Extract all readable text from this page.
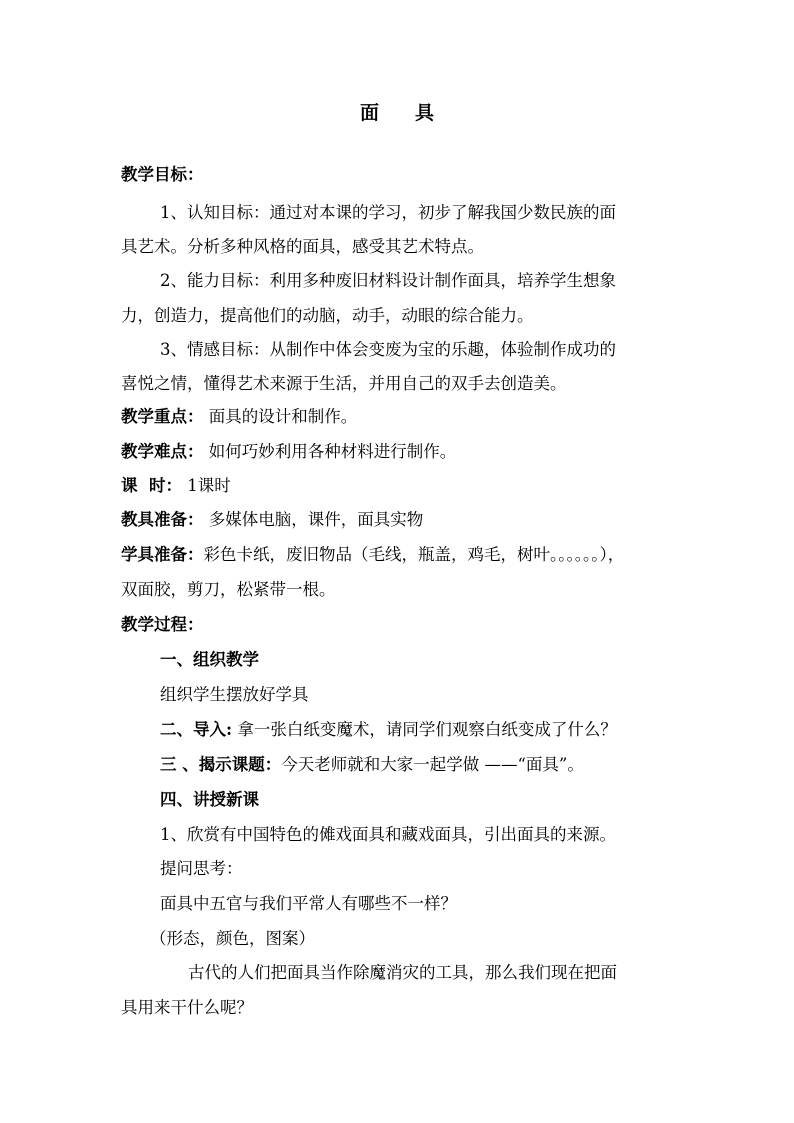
面 具
教学目标：
1、认知目标：通过对本课的学习，初步了解我国少数民族的面
具艺术。分析多种风格的面具，感受其艺术特点。
2、能力目标：利用多种废旧材料设计制作面具，培养学生想象
力，创造力，提高他们的动脑，动手，动眼的综合能力。
3、情感目标：从制作中体会变废为宝的乐趣，体验制作成功的
喜悦之情，懂得艺术来源于生活，并用自己的双手去创造美。
教学重点： 面具的设计和制作。
教学难点： 如何巧妙利用各种材料进行制作。
课  时： 1课时
教具准备： 多媒体电脑，课件，面具实物
学具准备：彩色卡纸，废旧物品（毛线，瓶盖，鸡毛，树叶。。。。。。），
双面胶，剪刀，松紧带一根。
教学过程：
一、组织教学
组织学生摆放好学具
二、导入: 拿一张白纸变魔术，请同学们观察白纸变成了什么？
三 、揭示课题：今天老师就和大家一起学做 ——“面具”。
四、讲授新课
1、欣赏有中国特色的傩戏面具和藏戏面具，引出面具的来源。
提问思考：
面具中五官与我们平常人有哪些不一样？
（形态，颜色，图案）
古代的人们把面具当作除魔消灾的工具，那么我们现在把面
具用来干什么呢？
